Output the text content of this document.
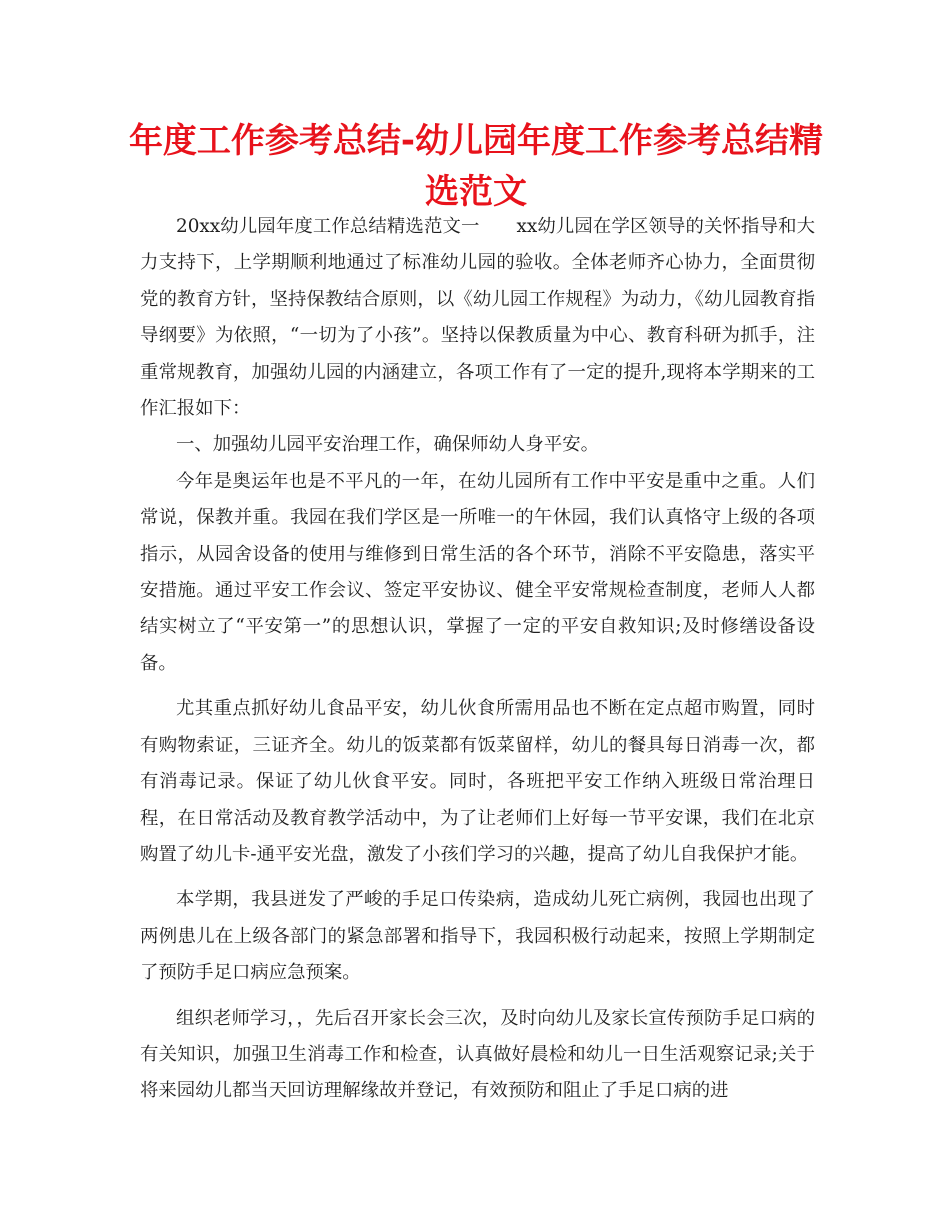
年度工作参考总结-幼儿园年度工作参考总结精选范文

20xx幼儿园年度工作总结精选范文一　　xx幼儿园在学区领导的关怀指导和大力支持下，上学期顺利地通过了标准幼儿园的验收。全体老师齐心协力，全面贯彻党的教育方针，坚持保教结合原则，以《幼儿园工作规程》为动力，《幼儿园教育指导纲要》为依照，“一切为了小孩”。坚持以保教质量为中心、教育科研为抓手，注重常规教育，加强幼儿园的内涵建立，各项工作有了一定的提升,现将本学期来的工作汇报如下：

一、加强幼儿园平安治理工作，确保师幼人身平安。

今年是奥运年也是不平凡的一年，在幼儿园所有工作中平安是重中之重。人们常说，保教并重。我园在我们学区是一所唯一的午休园，我们认真恪守上级的各项指示，从园舍设备的使用与维修到日常生活的各个环节，消除不平安隐患，落实平安措施。通过平安工作会议、签定平安协议、健全平安常规检查制度，老师人人都结实树立了“平安第一”的思想认识，掌握了一定的平安自救知识;及时修缮设备设备。

尤其重点抓好幼儿食品平安，幼儿伙食所需用品也不断在定点超市购置，同时有购物索证，三证齐全。幼儿的饭菜都有饭菜留样，幼儿的餐具每日消毒一次，都有消毒记录。保证了幼儿伙食平安。同时，各班把平安工作纳入班级日常治理日程，在日常活动及教育教学活动中，为了让老师们上好每一节平安课，我们在北京购置了幼儿卡-通平安光盘，激发了小孩们学习的兴趣，提高了幼儿自我保护才能。

本学期，我县迸发了严峻的手足口传染病，造成幼儿死亡病例，我园也出现了两例患儿在上级各部门的紧急部署和指导下，我园积极行动起来，按照上学期制定了预防手足口病应急预案。

组织老师学习，，先后召开家长会三次，及时向幼儿及家长宣传预防手足口病的有关知识，加强卫生消毒工作和检查，认真做好晨检和幼儿一日生活观察记录;关于将来园幼儿都当天回访理解缘故并登记，有效预防和阻止了手足口病的进
